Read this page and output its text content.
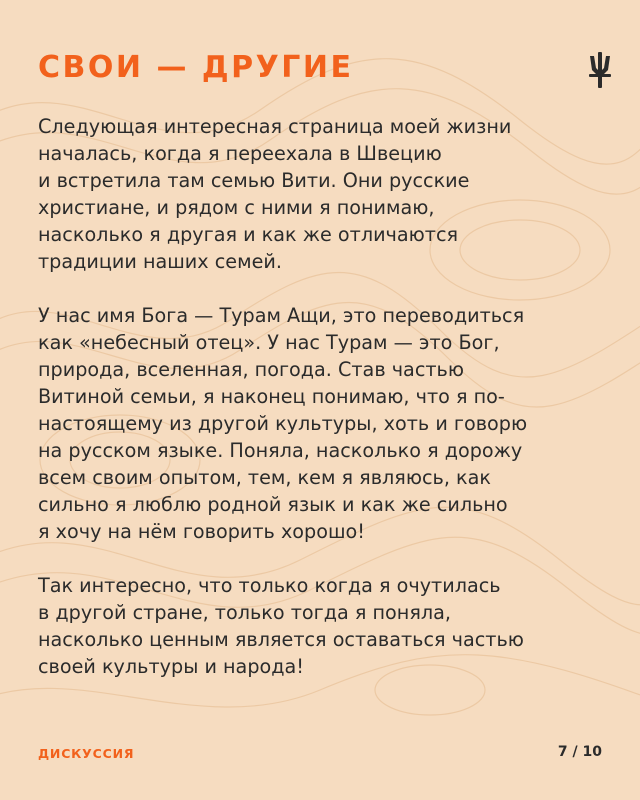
СВОИ — ДРУГИЕ

Следующая интересная страница моей жизни
началась, когда я переехала в Швецию
и встретила там семью Вити. Они русские
христиане, и рядом с ними я понимаю,
насколько я другая и как же отличаются
традиции наших семей.

У нас имя Бога — Турам Ащи, это переводиться
как «небесный отец». У нас Турам — это Бог,
природа, вселенная, погода. Став частью
Витиной семьи, я наконец понимаю, что я по-
настоящему из другой культуры, хоть и говорю
на русском языке. Поняла, насколько я дорожу
всем своим опытом, тем, кем я являюсь, как
сильно я люблю родной язык и как же сильно
я хочу на нём говорить хорошо!

Так интересно, что только когда я очутилась
в другой стране, только тогда я поняла,
насколько ценным является оставаться частью
своей культуры и народа!

ДИСКУССИЯ	7 / 10
